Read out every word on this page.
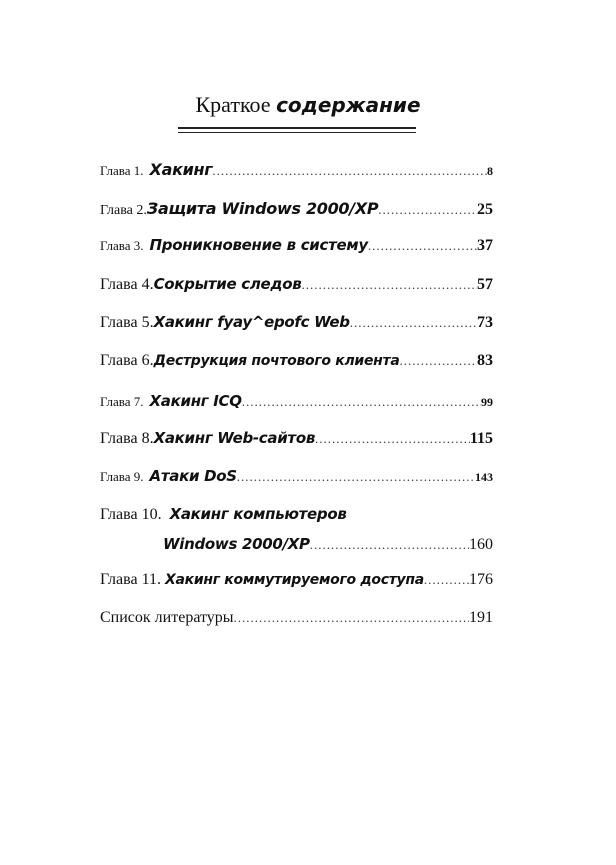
Краткое содержание
Глава 1. Хакинг .....	8
Глава 2. Защита Windows 2000/XP .....	25
Глава 3. Проникновение в систему .....	37
Глава 4. Сокрытие следов .....	57
Глава 5. Хакинг fyay^epofc Web .....	73
Глава 6. Деструкция почтового клиента .....	83
Глава 7. Хакинг ICQ .....	99
Глава 8. Хакинг Web-сайтов .....	115
Глава 9. Атаки DoS .....	143
Глава 10. Хакинг компьютеров
Windows 2000/XP .....	160
Глава 11. Хакинг коммутируемого доступа .....	176
Список литературы .....	191
